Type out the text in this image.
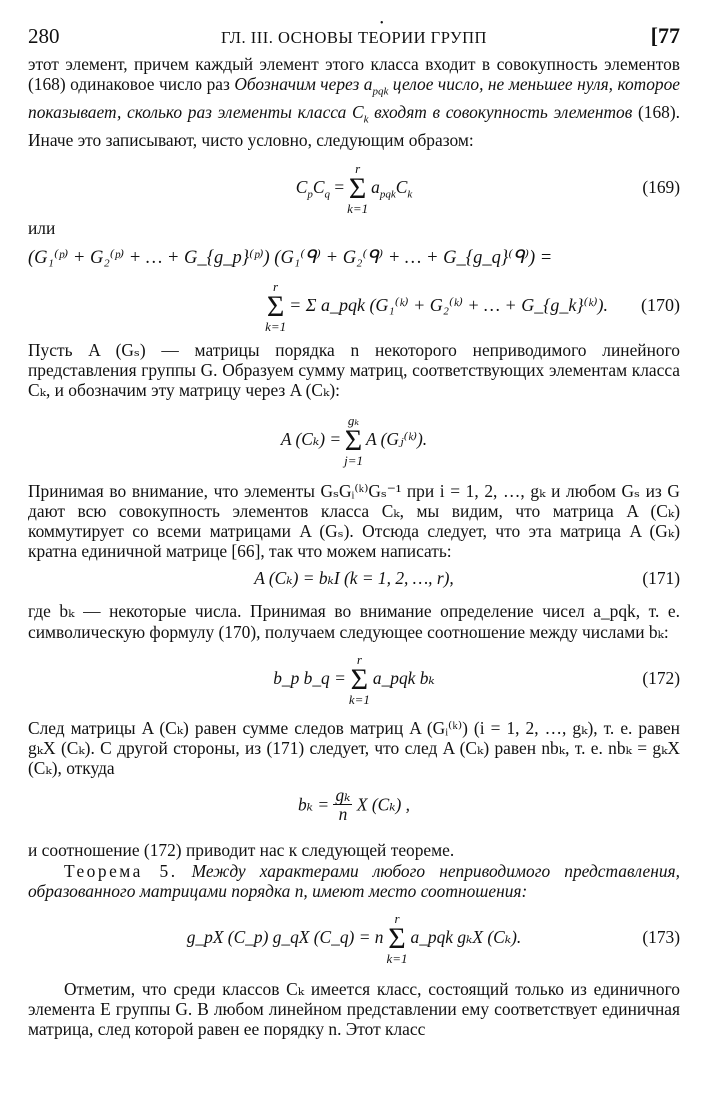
•
280	ГЛ. III. ОСНОВЫ ТЕОРИИ ГРУПП	[77

этот элемент, причем каждый элемент этого класса входит в совокупность элементов (168) одинаковое число раз Обозначим через $a_{pqk}$ целое число, не меньшее нуля, которое показывает, сколько раз элементы класса $C_k$ входят в совокупность элементов (168). Иначе это записывают, чисто условно, следующим образом:

$C_pC_q$ =
r
Σ
k=1
$a_{pqk}C_k$	(169)

или

(G₁⁽ᵖ⁾ + G₂⁽ᵖ⁾ + … + G_{g_p}⁽ᵖ⁾) (G₁⁽ᑫ⁾ + G₂⁽ᑫ⁾ + … + G_{g_q}⁽ᑫ⁾) =
r
Σ
k=1
= Σ a_pqk (G₁⁽ᵏ⁾ + G₂⁽ᵏ⁾ + … + G_{g_k}⁽ᵏ⁾). (170)

Пусть A (Gₛ) — матрицы порядка n некоторого неприводимого линейного представления группы G. Образуем сумму матриц, соответствующих элементам класса Cₖ, и обозначим эту матрицу через A (Cₖ):

A (Cₖ) =
gₖ
Σ
j=1
A (Gⱼ⁽ᵏ⁾).

Принимая во внимание, что элементы GₛGᵢ⁽ᵏ⁾Gₛ⁻¹ при i = 1, 2, …, gₖ и любом Gₛ из G дают всю совокупность элементов класса Cₖ, мы видим, что матрица A (Cₖ) коммутирует со всеми матрицами A (Gₛ). Отсюда следует, что эта матрица A (Gₖ) кратна единичной матрице [66], так что можем написать:

A (Cₖ) = bₖI (k = 1, 2, …, r),	(171)

где bₖ — некоторые числа. Принимая во внимание определение чисел a_pqk, т. е. символическую формулу (170), получаем следующее соотношение между числами bₖ:

b_p b_q =
r
Σ
k=1
a_pqk bₖ	(172)

След матрицы A (Cₖ) равен сумме следов матриц A (Gᵢ⁽ᵏ⁾) (i = 1, 2, …, gₖ), т. е. равен gₖX (Cₖ). С другой стороны, из (171) следует, что след A (Cₖ) равен nbₖ, т. е. nbₖ = gₖX (Cₖ), откуда

$b_k = \frac{\text{gₖ}}{n}$ X (Cₖ) ,

и соотношение (172) приводит нас к следующей теореме.

Теорема 5. Между характерами любого неприводимого представления, образованного матрицами порядка n, имеют место соотношения:

g_pX (C_p) g_qX (C_q) = n
r
Σ
k=1
a_pqk gₖX (Cₖ).	(173)

Отметим, что среди классов Cₖ имеется класс, состоящий только из единичного элемента E группы G. В любом линейном представлении ему соответствует единичная матрица, след которой равен ее порядку n. Этот класс
